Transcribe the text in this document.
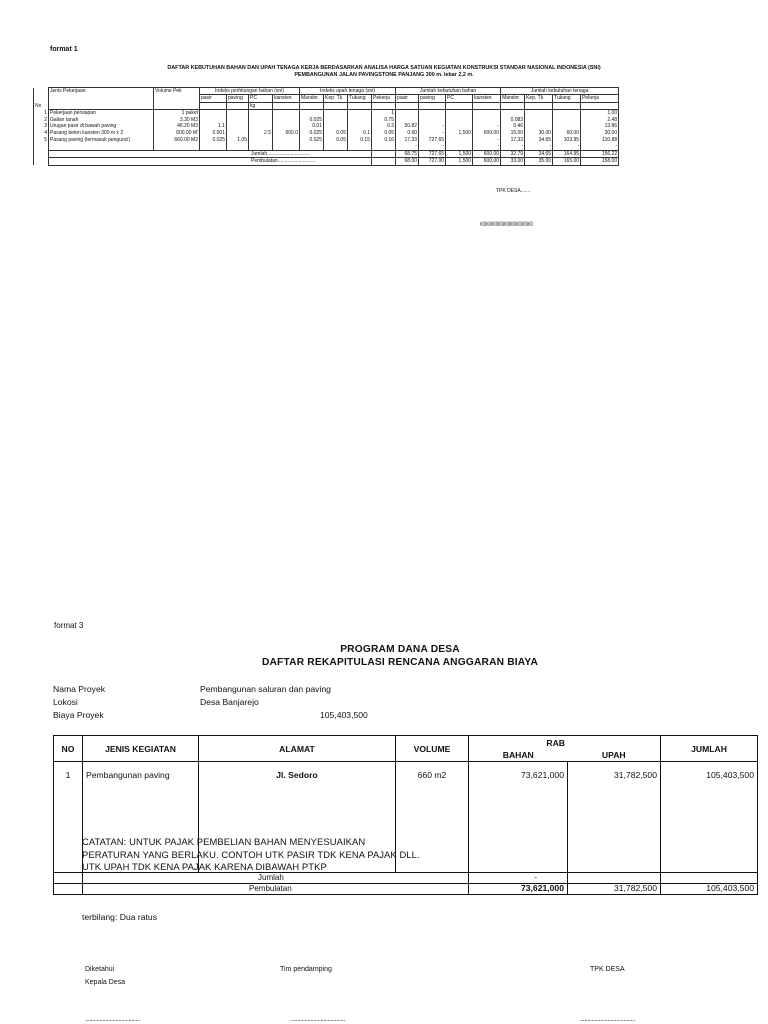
format 1
DAFTAR KEBUTUHAN BAHAN DAN UPAH TENAGA KERJA BERDASARKAN ANALISA HARGA SATUAN KEGIATAN KONSTRUKSI STANDAR NASIONAL INDONESIA (SNI)
PEMBANGUNAN JALAN PAVINGSTONE PANJANG 300 m. lebar 2,2 m.
No	Jenis Pekerjaan	Volume Pek	Indeks perhitungan bahan (sni)				Indeks upah tenaga (sni)				Jumlah kebutuhan bahan				Jumlah kebutuhan tenaga			
			pasir	paving	PC	kansten	Mandor	Kep. Tk.	Tukang	Pekerja	pasir	paving	PC	kansten	Mandor	Kep. Tk	Tukang	Pekerja
					kg													
1	Pekerjaan persiapan	1 paket								1								1.00
2	Galian tanah	3.30 M3					0.025			0.75					0.083			2.48
3	Urugan pasir di bawah paving	46.20 M3	1.1				0.01			0.3	50.82	-		-	0.46			13.86
4	Pasang beton kansten 300 m x 2	600.00 M'	0.001		2.5	600.0	0.025	0.05	0.1	0.05	0.60	-	1,500	600.00	15.00	30.00	60.00	30.00
5	Pasang paving (termasuk pengunci)	660.00 M2	0.025	1.05			0.025	0.05	0.15	0.16	17.33	727.65		-	17.33	34.65	103.95	110.88
											-	-		-	-	-	-	-
	Jumlah...............................										68.75	727.65	1,500	600.00	32.79	34.65	164.95	156.22
	Pembulatan...........................										68.00	727.00	1,500	600.00	33.00	35.00	165.00	158.00
TPK DESA.......
((((((((((((((((((((((((((((((((((((((((((()
format 3
PROGRAM DANA DESA
DAFTAR REKAPITULASI RENCANA ANGGARAN BIAYA
Nama Proyek	Pembangunan saluran dan paving
Lokosi	Desa Banjarejo
Biaya Proyek	105,403,500
NO	JENIS KEGIATAN	ALAMAT	VOLUME	RAB		JUMLAH
				BAHAN	UPAH	
1	Pembangunan paving	Jl. Sedoro	660 m2	73,621,000	31,782,500	105,403,500
	Jumlah			-		
	Pembulatan			73,621,000	31,782,500	105,403,500
CATATAN: UNTUK PAJAK PEMBELIAN BAHAN MENYESUAIKAN
PERATURAN YANG BERLAKU. CONTOH UTK PASIR TDK KENA PAJAK DLL.
UTK UPAH TDK KENA PAJAK KARENA DIBAWAH PTKP
terbilang: Dua ratus
Diketahui
Kepala Desa
Tim pendamping	TPK DESA
......................................	......................................	......................................
